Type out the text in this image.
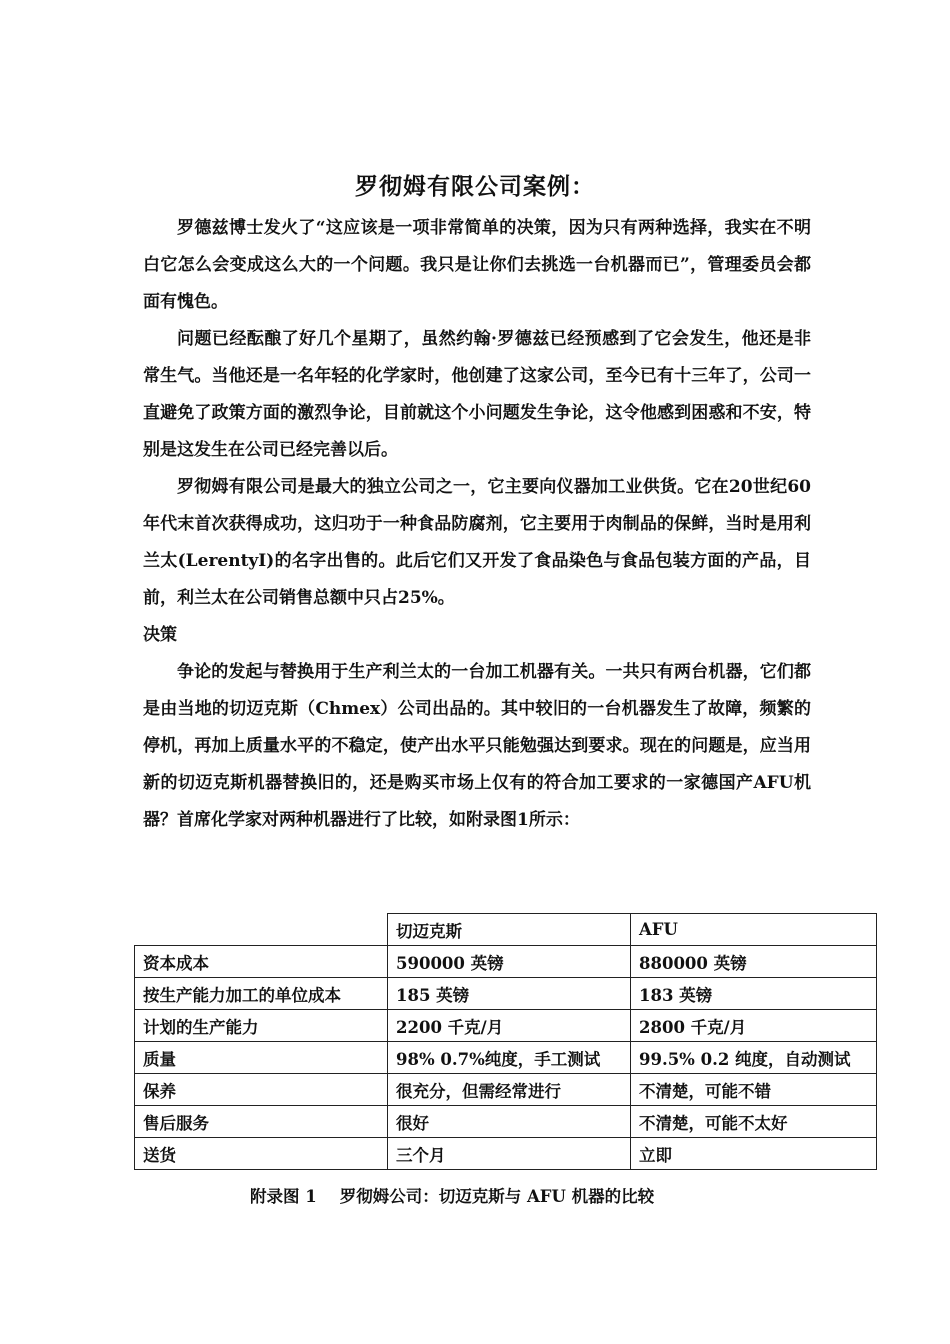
罗彻姆有限公司案例：

罗德兹博士发火了“这应该是一项非常简单的决策，因为只有两种选择，我实在不明白它怎么会变成这么大的一个问题。我只是让你们去挑选一台机器而已”，管理委员会都面有愧色。

问题已经酝酿了好几个星期了，虽然约翰·罗德兹已经预感到了它会发生，他还是非常生气。当他还是一名年轻的化学家时，他创建了这家公司，至今已有十三年了，公司一直避免了政策方面的激烈争论，目前就这个小问题发生争论，这令他感到困惑和不安，特别是这发生在公司已经完善以后。

罗彻姆有限公司是最大的独立公司之一，它主要向仪器加工业供货。它在20世纪60年代末首次获得成功，这归功于一种食品防腐剂，它主要用于肉制品的保鲜，当时是用利兰太(LerentyI)的名字出售的。此后它们又开发了食品染色与食品包装方面的产品，目前，利兰太在公司销售总额中只占25%。

决策

争论的发起与替换用于生产利兰太的一台加工机器有关。一共只有两台机器，它们都是由当地的切迈克斯（Chmex）公司出品的。其中较旧的一台机器发生了故障，频繁的停机，再加上质量水平的不稳定，使产出水平只能勉强达到要求。现在的问题是，应当用新的切迈克斯机器替换旧的，还是购买市场上仅有的符合加工要求的一家德国产AFU机器？首席化学家对两种机器进行了比较，如附录图1所示：

	切迈克斯	AFU
资本成本	590000 英镑	880000 英镑
按生产能力加工的单位成本	185 英镑	183 英镑
计划的生产能力	2200 千克/月	2800 千克/月
质量	98% 0.7%纯度，手工测试	99.5% 0.2 纯度，自动测试
保养	很充分，但需经常进行	不清楚，可能不错
售后服务	很好	不清楚，可能不太好
送货	三个月	立即
附录图 1    罗彻姆公司：切迈克斯与 AFU 机器的比较
